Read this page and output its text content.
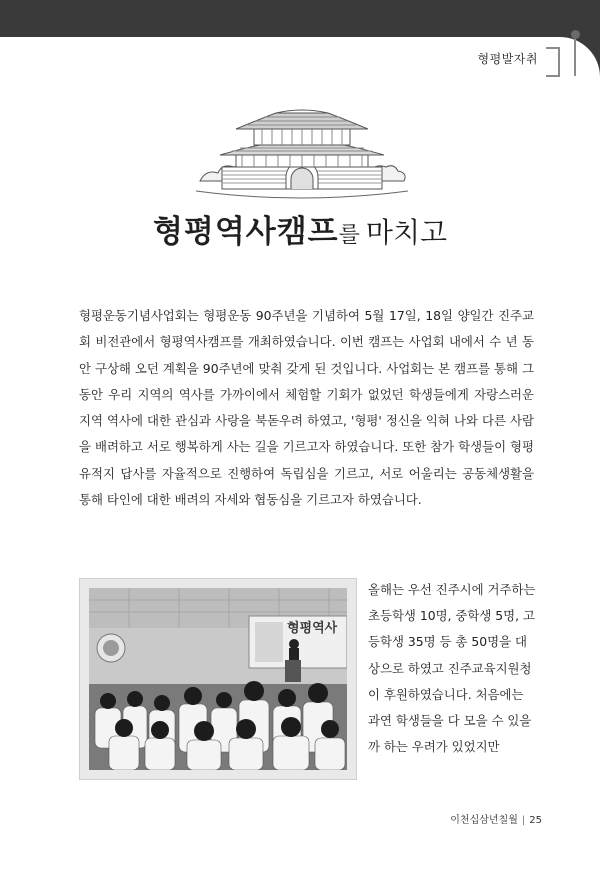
형평발자취
형평역사캠프를 마치고
형평운동기념사업회는 형평운동 90주년을 기념하여 5월 17일, 18일 양일간 진주교회 비전관에서 형평역사캠프를 개최하였습니다. 이번 캠프는 사업회 내에서 수 년 동안 구상해 오던 계획을 90주년에 맞춰 갖게 된 것입니다. 사업회는 본 캠프를 통해 그동안 우리 지역의 역사를 가까이에서 체험할 기회가 없었던 학생들에게 자랑스러운 지역 역사에 대한 관심과 사랑을 북돋우려 하였고, '형평' 정신을 익혀 나와 다른 사람을 배려하고 서로 행복하게 사는 길을 기르고자 하였습니다. 또한 참가 학생들이 형평유적지 답사를 자율적으로 진행하여 독립심을 기르고, 서로 어울리는 공동체생활을 통해 타인에 대한 배려의 자세와 협동심을 기르고자 하였습니다.
형평역사
올해는 우선 진주시에 거주하는 초등학생 10명, 중학생 5명, 고등학생 35명 등 총 50명을 대상으로 하였고 진주교육지원청이 후원하였습니다. 처음에는 과연 학생들을 다 모을 수 있을까 하는 우려가 있었지만
이천십삼년칠월 | 25
